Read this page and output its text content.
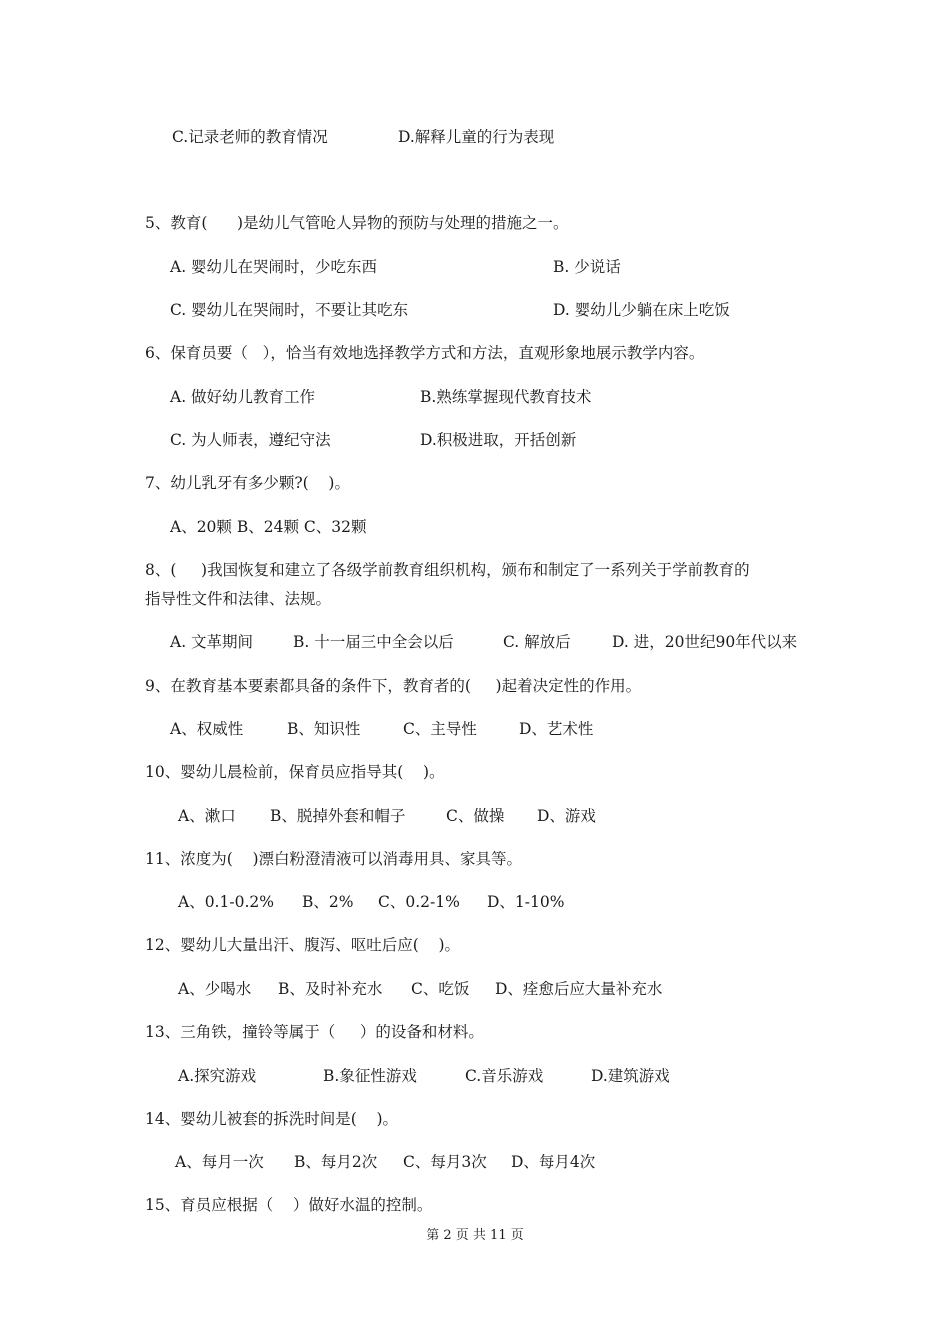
C.记录老师的教育情况	D.解释儿童的行为表现
5、教育(      )是幼儿气管呛人异物的预防与处理的措施之一。
A. 婴幼儿在哭闹时，少吃东西	B. 少说话
C. 婴幼儿在哭闹时，不要让其吃东	D. 婴幼儿少躺在床上吃饭
6、保育员要（   ），恰当有效地选择教学方式和方法，直观形象地展示教学内容。
A. 做好幼儿教育工作	B.熟练掌握现代教育技术
C. 为人师表，遵纪守法	D.积极进取，开括创新
7、幼儿乳牙有多少颗?(    )。
A、20颗 B、24颗 C、32颗
8、(     )我国恢复和建立了各级学前教育组织机构，颁布和制定了一系列关于学前教育的
指导性文件和法律、法规。
A. 文革期间	B. 十一届三中全会以后	C. 解放后	D. 进，20世纪90年代以来
9、在教育基本要素都具备的条件下，教育者的(     )起着决定性的作用。
A、权威性	B、知识性	C、主导性	D、艺术性
10、婴幼儿晨检前，保育员应指导其(    )。
A、漱口 B、脱掉外套和帽子	C、做操 D、游戏
11、浓度为(    )漂白粉澄清液可以消毒用具、家具等。
A、0.1-0.2% B、2% C、0.2-1% D、1-10%
12、婴幼儿大量出汗、腹泻、呕吐后应(    )。
A、少喝水 B、及时补充水 C、吃饭 D、痊愈后应大量补充水
13、三角铁，撞铃等属于（     ）的设备和材料。
A.探究游戏	B.象征性游戏	C.音乐游戏	D.建筑游戏
14、婴幼儿被套的拆洗时间是(    )。
A、每月一次 B、每月2次 C、每月3次 D、每月4次
15、育员应根据（    ）做好水温的控制。
第 2 页 共 11 页
